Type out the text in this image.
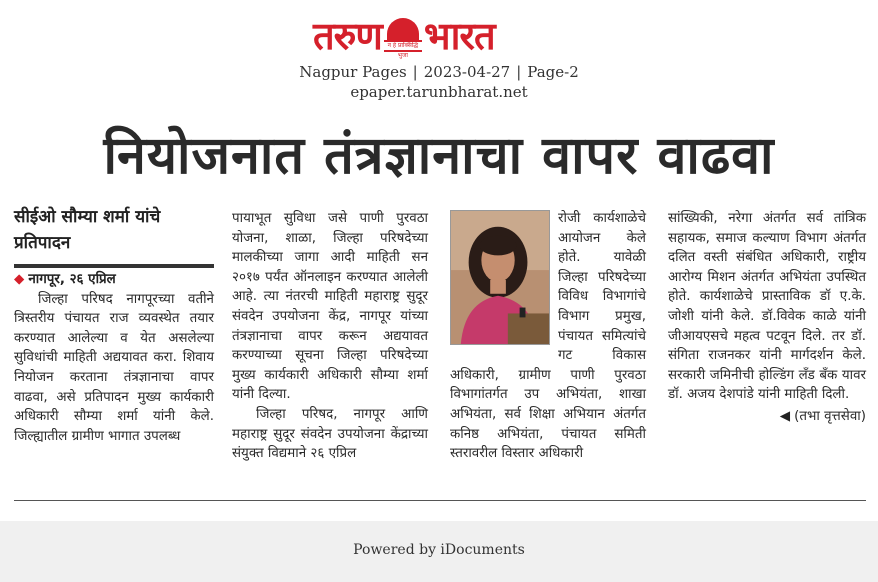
तरुण न हे प्राक्सिद्धि भुजा भारत
Nagpur Pages | 2023-04-27 | Page-2
epaper.tarunbharat.net
नियोजनात तंत्रज्ञानाचा वापर वाढवा
सीईओ सौम्या शर्मा यांचे प्रतिपादन
◆ नागपूर, २६ एप्रिल

जिल्हा परिषद नागपूरच्या वतीने त्रिस्तरीय पंचायत राज व्यवस्थेत तयार करण्यात आलेल्या व येत असलेल्या सुविधांची माहिती अद्ययावत करा. शिवाय नियोजन करताना तंत्रज्ञानाचा वापर वाढवा, असे प्रतिपादन मुख्य कार्यकारी अधिकारी सौम्या शर्मा यांनी केले. जिल्ह्यातील ग्रामीण भागात उपलब्ध

पायाभूत सुविधा जसे पाणी पुरवठा योजना, शाळा, जिल्हा परिषदेच्या मालकीच्या जागा आदी माहिती सन २०१७ पर्यंत ऑनलाइन करण्यात आलेली आहे. त्या नंतरची माहिती महाराष्ट्र सुदूर संवदेन उपयोजना केंद्र, नागपूर यांच्या तंत्रज्ञानाचा वापर करून अद्ययावत करण्याच्या सूचना जिल्हा परिषदेच्या मुख्य कार्यकारी अधिकारी सौम्या शर्मा यांनी दिल्या.

जिल्हा परिषद, नागपूर आणि महाराष्ट्र सुदूर संवदेन उपयोजना केंद्राच्या संयुक्त विद्यमाने २६ एप्रिल

रोजी कार्यशाळेचे आयोजन केले होते. यावेळी जिल्हा परिषदेच्या विविध विभागांचे विभाग प्रमुख, पंचायत समित्यांचे गट विकास अधिकारी, ग्रामीण पाणी पुरवठा विभागांतर्गत उप अभियंता, शाखा अभियंता, सर्व शिक्षा अभियान अंतर्गत कनिष्ठ अभियंता, पंचायत समिती स्तरावरील विस्तार अधिकारी

सांख्यिकी, नरेगा अंतर्गत सर्व तांत्रिक सहायक, समाज कल्याण विभाग अंतर्गत दलित वस्ती संबंधित अधिकारी, राष्ट्रीय आरोग्य मिशन अंतर्गत अभियंता उपस्थित होते. कार्यशाळेचे प्रास्ताविक डॉ ए.के. जोशी यांनी केले. डॉ.विवेक काळे यांनी जीआयएसचे महत्व पटवून दिले. तर डॉ. संगिता राजनकर यांनी मार्गदर्शन केले. सरकारी जमिनीची होल्डिंग लँड बँक यावर डॉ. अजय देशपांडे यांनी माहिती दिली.

◀ (तभा वृत्तसेवा)
Powered by iDocuments
